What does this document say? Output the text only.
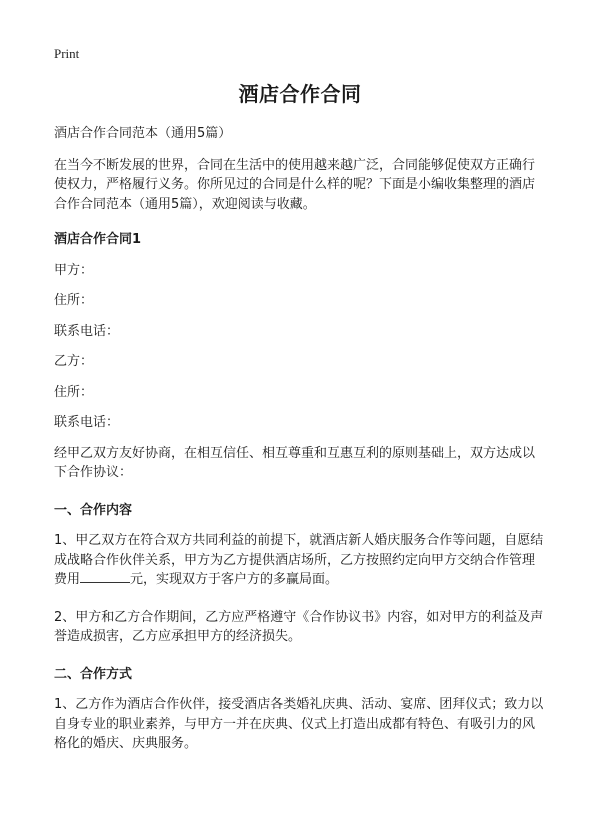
Print
酒店合作合同

酒店合作合同范本（通用5篇）

在当今不断发展的世界，合同在生活中的使用越来越广泛，合同能够促使双方正确行使权力，严格履行义务。你所见过的合同是什么样的呢？下面是小编收集整理的酒店合作合同范本（通用5篇），欢迎阅读与收藏。

酒店合作合同1

甲方：

住所：

联系电话：

乙方：

住所：

联系电话：

经甲乙双方友好协商，在相互信任、相互尊重和互惠互利的原则基础上，双方达成以下合作协议：

一、合作内容

1、甲乙双方在符合双方共同利益的前提下，就酒店新人婚庆服务合作等问题，自愿结成战略合作伙伴关系，甲方为乙方提供酒店场所，乙方按照约定向甲方交纳合作管理费用	元，实现双方于客户方的多赢局面。

2、甲方和乙方合作期间，乙方应严格遵守《合作协议书》内容，如对甲方的利益及声誉造成损害，乙方应承担甲方的经济损失。

二、合作方式

1、乙方作为酒店合作伙伴，接受酒店各类婚礼庆典、活动、宴席、团拜仪式；致力以自身专业的职业素养，与甲方一并在庆典、仪式上打造出成都有特色、有吸引力的风格化的婚庆、庆典服务。
